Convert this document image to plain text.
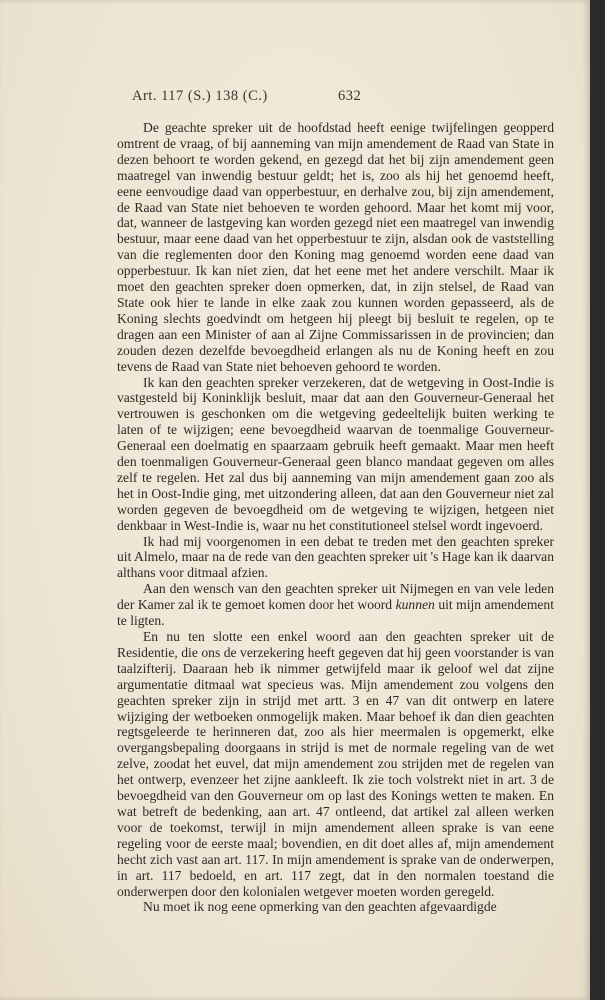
Art. 117 (S.) 138 (C.)	632

De geachte spreker uit de hoofdstad heeft eenige twijfelingen geopperd omtrent de vraag, of bij aanneming van mijn amendement de Raad van State in dezen behoort te worden gekend, en gezegd dat het bij zijn amendement geen maatregel van inwendig bestuur geldt; het is, zoo als hij het genoemd heeft, eene eenvoudige daad van opperbestuur, en derhalve zou, bij zijn amendement, de Raad van State niet behoeven te worden gehoord. Maar het komt mij voor, dat, wanneer de lastgeving kan worden gezegd niet een maatregel van inwendig bestuur, maar eene daad van het opperbestuur te zijn, alsdan ook de vaststelling van die reglementen door den Koning mag genoemd worden eene daad van opperbestuur. Ik kan niet zien, dat het eene met het andere verschilt. Maar ik moet den geachten spreker doen opmerken, dat, in zijn stelsel, de Raad van State ook hier te lande in elke zaak zou kunnen worden gepasseerd, als de Koning slechts goedvindt om hetgeen hij pleegt bij besluit te regelen, op te dragen aan een Minister of aan al Zijne Commissarissen in de provincien; dan zouden dezen dezelfde bevoegdheid erlangen als nu de Koning heeft en zou tevens de Raad van State niet behoeven gehoord te worden.

Ik kan den geachten spreker verzekeren, dat de wetgeving in Oost-Indie is vastgesteld bij Koninklijk besluit, maar dat aan den Gouverneur-Generaal het vertrouwen is geschonken om die wetgeving gedeeltelijk buiten werking te laten of te wijzigen; eene bevoegdheid waarvan de toenmalige Gouverneur-Generaal een doelmatig en spaarzaam gebruik heeft gemaakt. Maar men heeft den toenmaligen Gouverneur-Generaal geen blanco mandaat gegeven om alles zelf te regelen. Het zal dus bij aanneming van mijn amendement gaan zoo als het in Oost-Indie ging, met uitzondering alleen, dat aan den Gouverneur niet zal worden gegeven de bevoegdheid om de wetgeving te wijzigen, hetgeen niet denkbaar in West-Indie is, waar nu het constitutioneel stelsel wordt ingevoerd.

Ik had mij voorgenomen in een debat te treden met den geachten spreker uit Almelo, maar na de rede van den geachten spreker uit 's Hage kan ik daarvan althans voor ditmaal afzien.

Aan den wensch van den geachten spreker uit Nijmegen en van vele leden der Kamer zal ik te gemoet komen door het woord kunnen uit mijn amendement te ligten.

En nu ten slotte een enkel woord aan den geachten spreker uit de Residentie, die ons de verzekering heeft gegeven dat hij geen voorstander is van taalzifterij. Daaraan heb ik nimmer getwijfeld maar ik geloof wel dat zijne argumentatie ditmaal wat specieus was. Mijn amendement zou volgens den geachten spreker zijn in strijd met artt. 3 en 47 van dit ontwerp en latere wijziging der wetboeken onmogelijk maken. Maar behoef ik dan dien geachten regtsgeleerde te herinneren dat, zoo als hier meermalen is opgemerkt, elke overgangsbepaling doorgaans in strijd is met de normale regeling van de wet zelve, zoodat het euvel, dat mijn amendement zou strijden met de regelen van het ontwerp, evenzeer het zijne aankleeft. Ik zie toch volstrekt niet in art. 3 de bevoegdheid van den Gouverneur om op last des Konings wetten te maken. En wat betreft de bedenking, aan art. 47 ontleend, dat artikel zal alleen werken voor de toekomst, terwijl in mijn amendement alleen sprake is van eene regeling voor de eerste maal; bovendien, en dit doet alles af, mijn amendement hecht zich vast aan art. 117. In mijn amendement is sprake van de onderwerpen, in art. 117 bedoeld, en art. 117 zegt, dat in den normalen toestand die onderwerpen door den kolonialen wetgever moeten worden geregeld.

Nu moet ik nog eene opmerking van den geachten afgevaardigde
